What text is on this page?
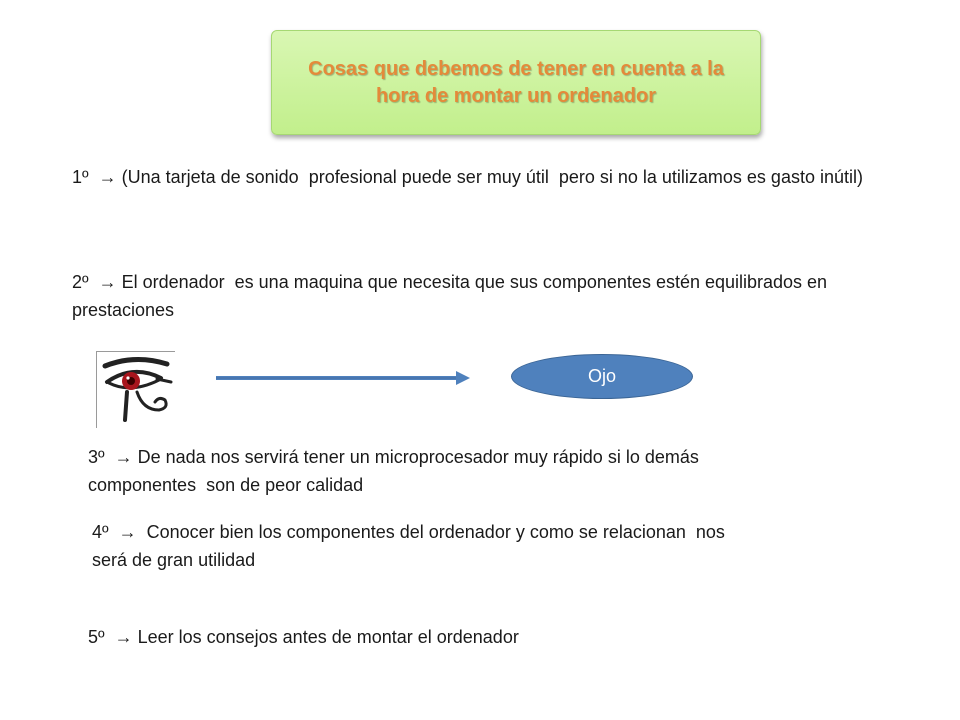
Cosas que debemos de tener en cuenta a la
hora de montar un ordenador
1º  → (Una tarjeta de sonido  profesional puede ser muy útil  pero si no la utilizamos es gasto inútil)
2º  → El ordenador  es una maquina que necesita que sus componentes estén equilibrados en prestaciones
Ojo
3º  → De nada nos servirá tener un microprocesador muy rápido si lo demás componentes  son de peor calidad
4º  →  Conocer bien los componentes del ordenador y como se relacionan  nos será de gran utilidad
5º  → Leer los consejos antes de montar el ordenador
